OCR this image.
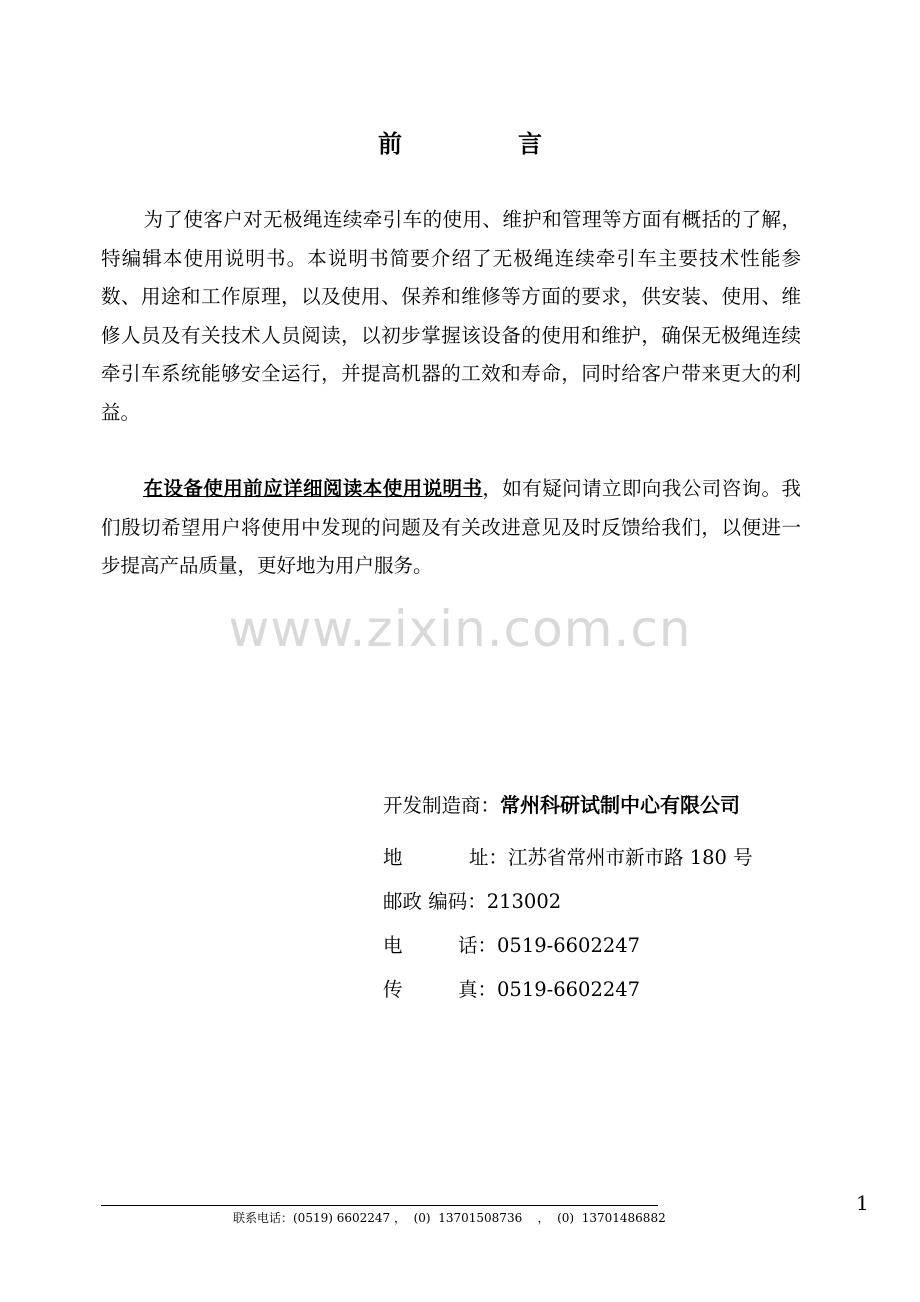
前言

为了使客户对无极绳连续牵引车的使用、维护和管理等方面有概括的了解，特编辑本使用说明书。本说明书简要介绍了无极绳连续牵引车主要技术性能参数、用途和工作原理，以及使用、保养和维修等方面的要求，供安装、使用、维修人员及有关技术人员阅读，以初步掌握该设备的使用和维护，确保无极绳连续牵引车系统能够安全运行，并提高机器的工效和寿命，同时给客户带来更大的利益。

在设备使用前应详细阅读本使用说明书，如有疑问请立即向我公司咨询。我们殷切希望用户将使用中发现的问题及有关改进意见及时反馈给我们，以便进一步提高产品质量，更好地为用户服务。

www.zixin.com.cn
开发制造商：常州科研试制中心有限公司
地	址：江苏省常州市新市路 180 号
邮政 编码：213002
电	话：0519-6602247
传	真：0519-6602247
联系电话：(0519) 6602247 ，  (0)  13701508736    ，  (0)  13701486882
1
